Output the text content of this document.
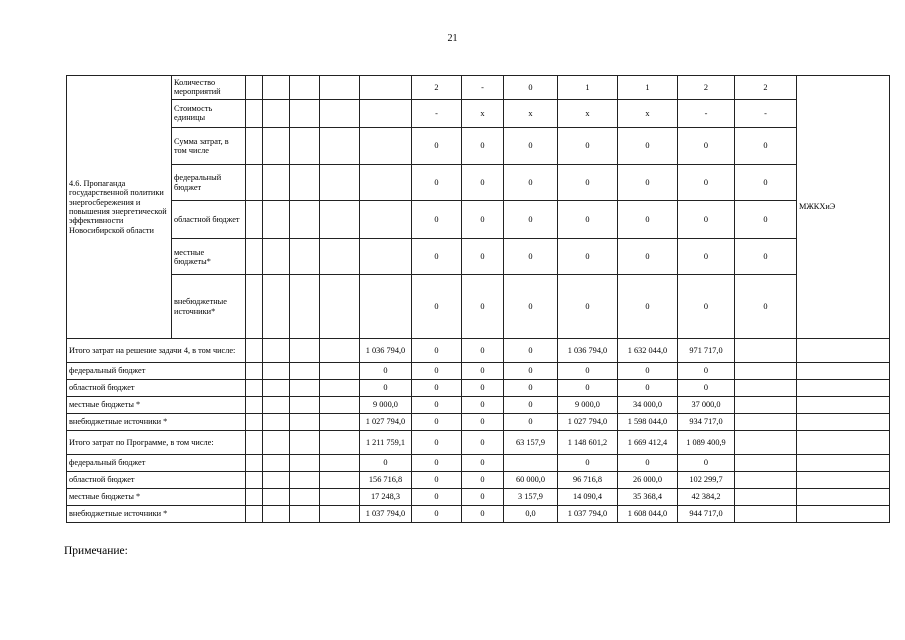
21
4.6. Пропаганда государственной политики энергосбережения и повышения энергетической эффективности Новосибирской области	Количество мероприятий						2	-	0	1	1	2	2	МЖКХиЭ	
	Стоимость единицы						-	х	х	х	х	-	-		
	Сумма затрат, в том числе						0	0	0	0	0	0	0		
	федеральный бюджет						0	0	0	0	0	0	0		
	областной бюджет						0	0	0	0	0	0	0		
	местные бюджеты*						0	0	0	0	0	0	0		
	внебюджетные источники*						0	0	0	0	0	0	0		
Итого затрат на решение задачи 4, в том числе:						1 036 794,0	0	0	0	1 036 794,0	1 632 044,0	971 717,0			
федеральный бюджет						0	0	0	0	0	0	0			
областной бюджет						0	0	0	0	0	0	0			
местные бюджеты *						9 000,0	0	0	0	9 000,0	34 000,0	37 000,0			
внебюджетные источники *						1 027 794,0	0	0	0	1 027 794,0	1 598 044,0	934 717,0			
Итого затрат по Программе, в том числе:						1 211 759,1	0	0	63 157,9	1 148 601,2	1 669 412,4	1 089 400,9			
федеральный бюджет						0	0	0		0	0	0			
областной бюджет						156 716,8	0	0	60 000,0	96 716,8	26 000,0	102 299,7			
местные бюджеты *						17 248,3	0	0	3 157,9	14 090,4	35 368,4	42 384,2			
внебюджетные источники *						1 037 794,0	0	0	0,0	1 037 794,0	1 608 044,0	944 717,0			
Примечание:
